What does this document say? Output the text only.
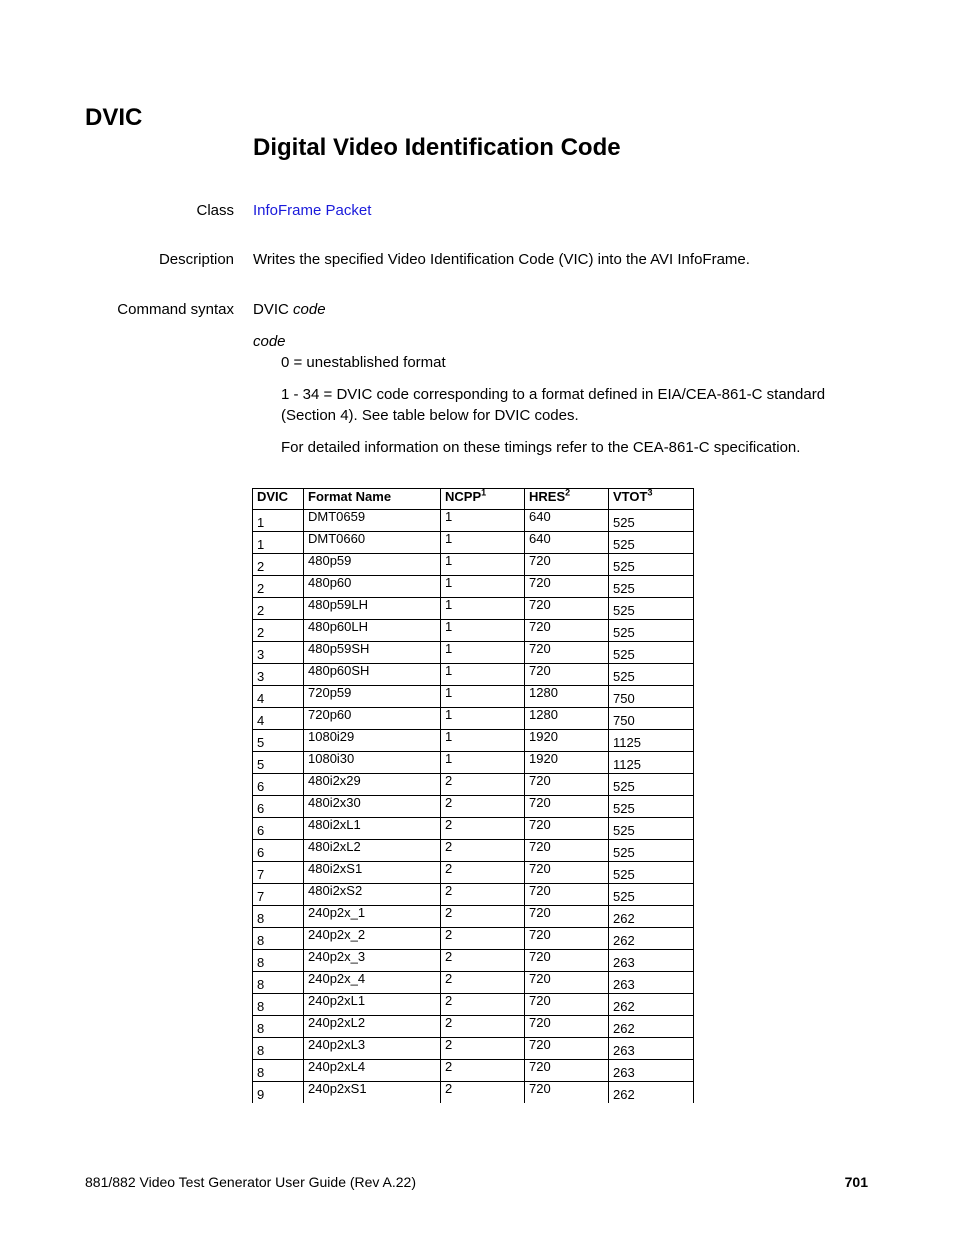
DVIC
Digital Video Identification Code
Class InfoFrame Packet
Description Writes the specified Video Identification Code (VIC) into the AVI InfoFrame.
Command syntax DVIC code
code
0 = unestablished format
1 - 34 = DVIC code corresponding to a format defined in EIA/CEA-861-C standard (Section 4). See table below for DVIC codes.
For detailed information on these timings refer to the CEA-861-C specification.
DVIC	Format Name	NCPP$^1$	HRES$^2$	VTOT$^3$
1	DMT0659	1	640	525
1	DMT0660	1	640	525
2	480p59	1	720	525
2	480p60	1	720	525
2	480p59LH	1	720	525
2	480p60LH	1	720	525
3	480p59SH	1	720	525
3	480p60SH	1	720	525
4	720p59	1	1280	750
4	720p60	1	1280	750
5	1080i29	1	1920	1125
5	1080i30	1	1920	1125
6	480i2x29	2	720	525
6	480i2x30	2	720	525
6	480i2xL1	2	720	525
6	480i2xL2	2	720	525
7	480i2xS1	2	720	525
7	480i2xS2	2	720	525
8	240p2x_1	2	720	262
8	240p2x_2	2	720	262
8	240p2x_3	2	720	263
8	240p2x_4	2	720	263
8	240p2xL1	2	720	262
8	240p2xL2	2	720	262
8	240p2xL3	2	720	263
8	240p2xL4	2	720	263
9	240p2xS1	2	720	262
881/882 Video Test Generator User Guide (Rev A.22)	701
